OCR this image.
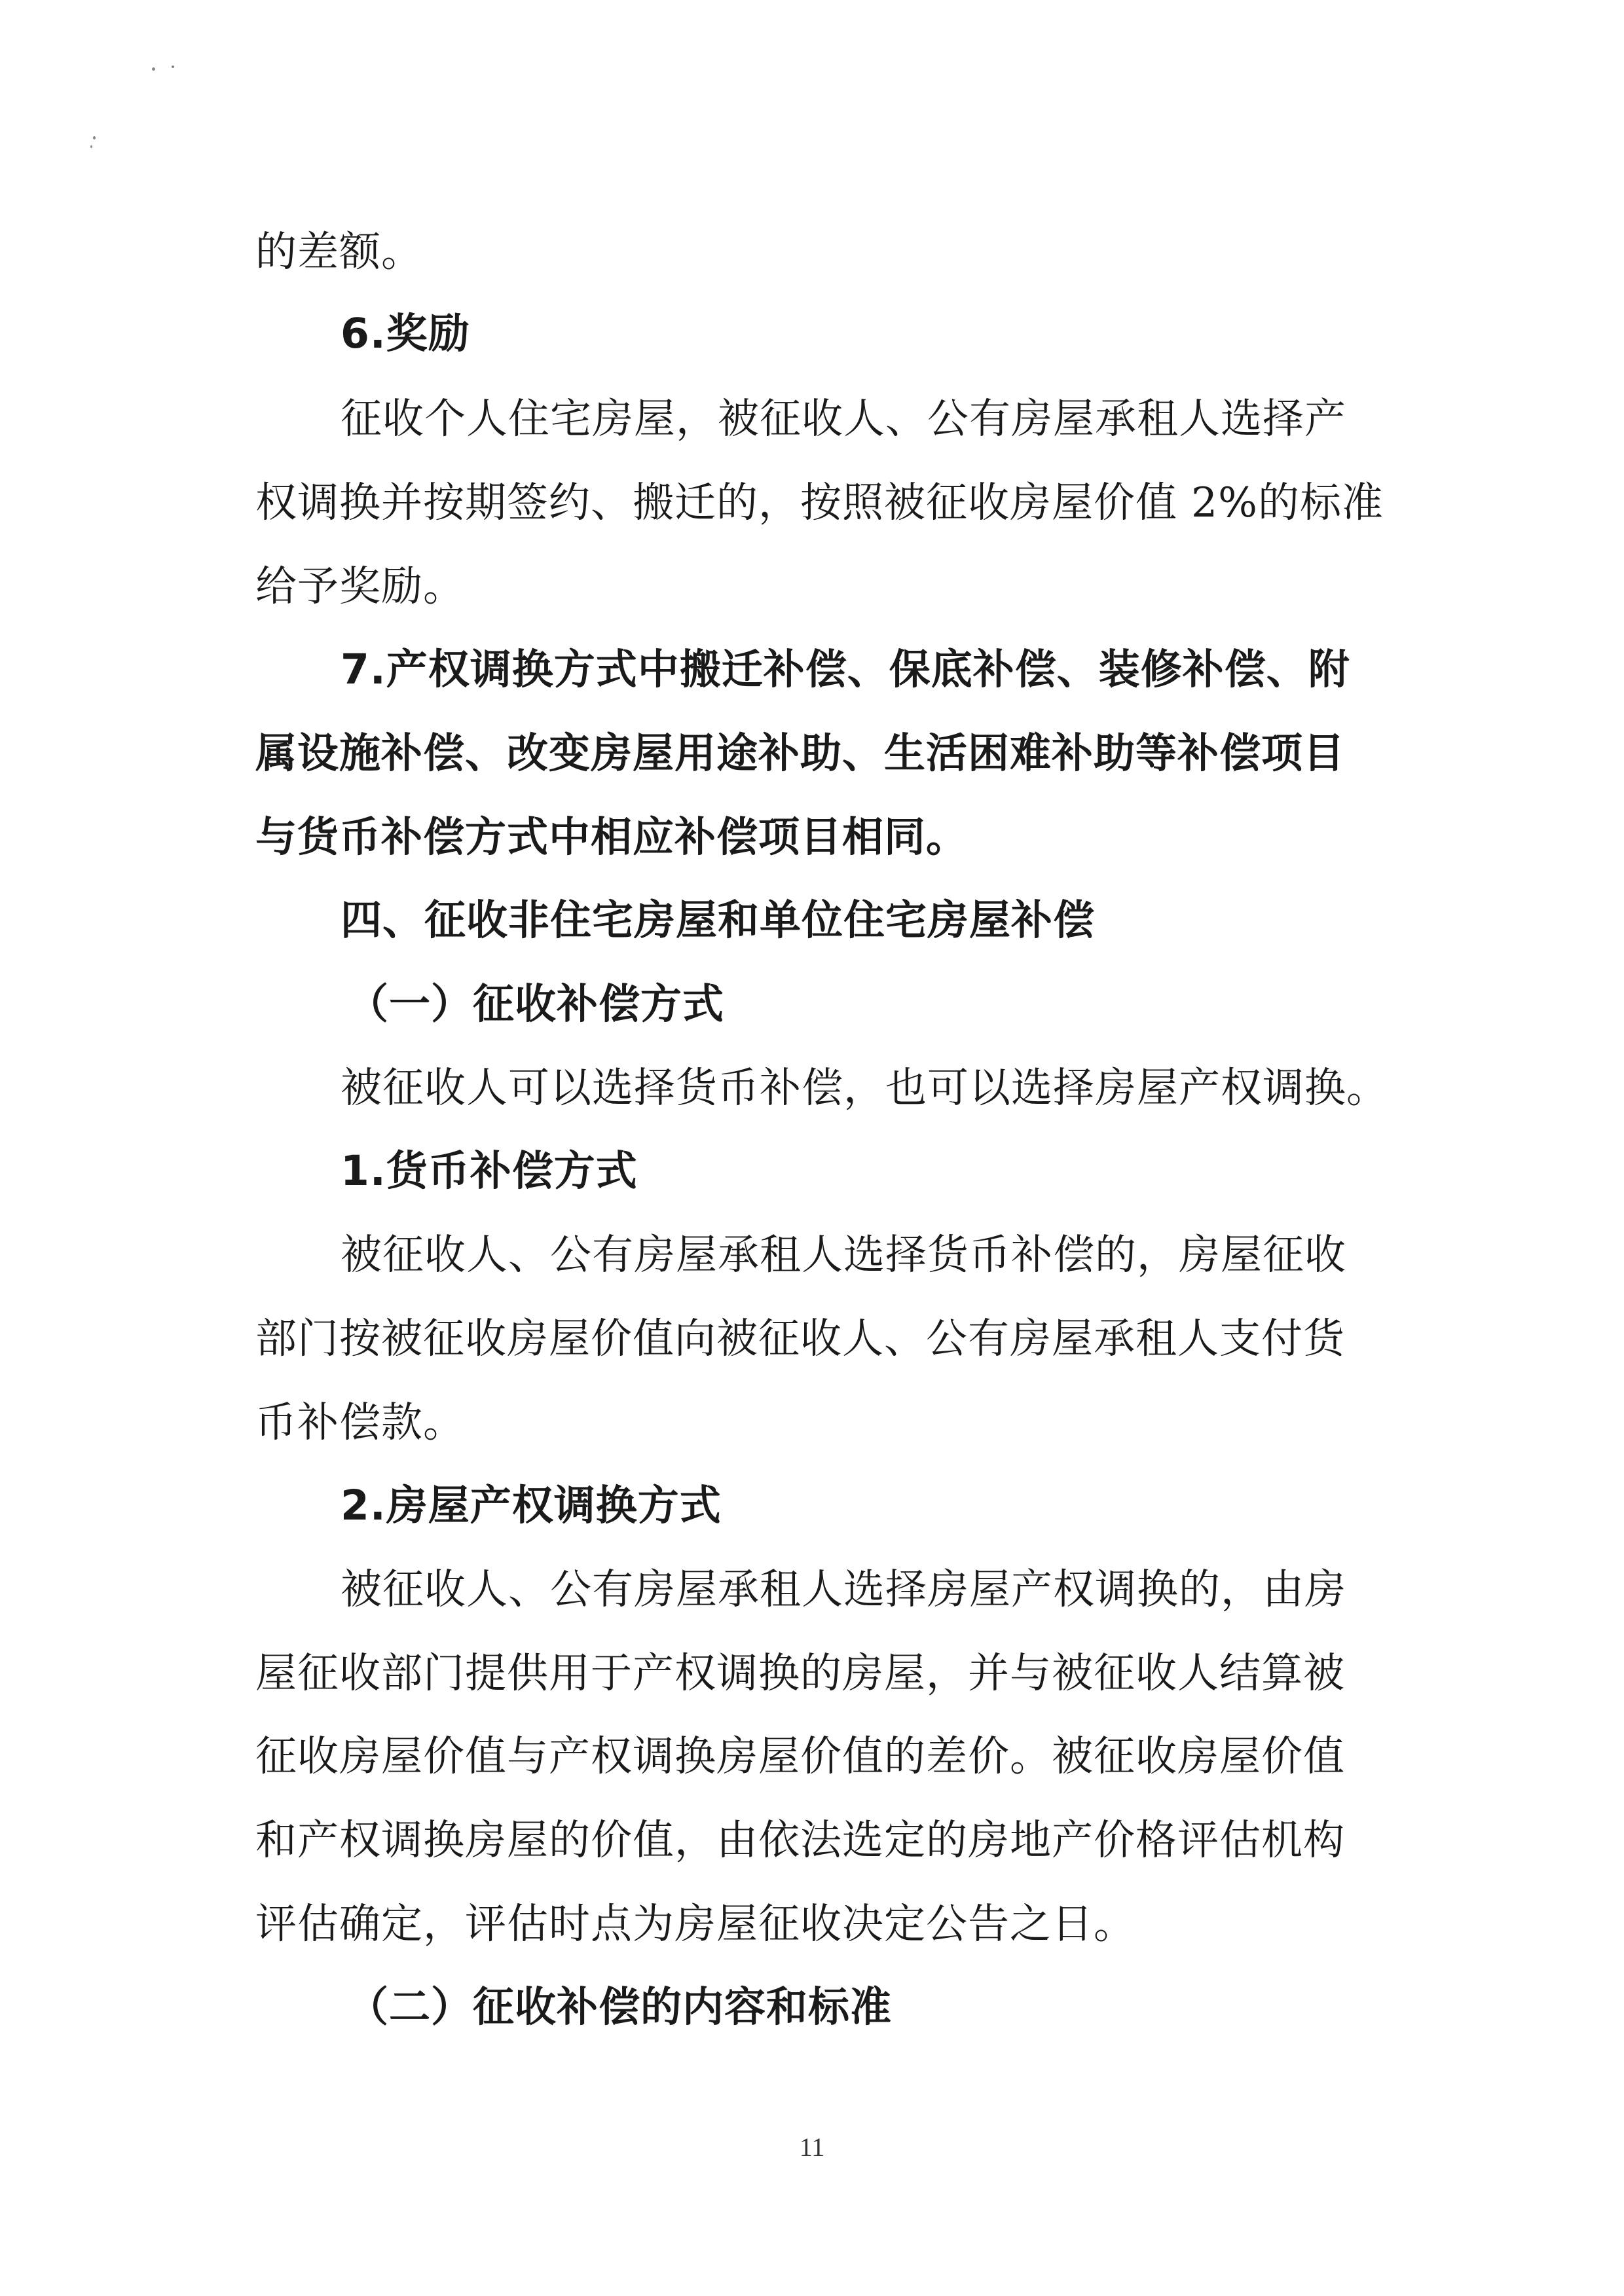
的差额。
6.奖励
征收个人住宅房屋，被征收人、公有房屋承租人选择产
权调换并按期签约、搬迁的，按照被征收房屋价值 2%的标准
给予奖励。
7.产权调换方式中搬迁补偿、保底补偿、装修补偿、附
属设施补偿、改变房屋用途补助、生活困难补助等补偿项目
与货币补偿方式中相应补偿项目相同。
四、征收非住宅房屋和单位住宅房屋补偿
（一）征收补偿方式
被征收人可以选择货币补偿，也可以选择房屋产权调换。
1.货币补偿方式
被征收人、公有房屋承租人选择货币补偿的，房屋征收
部门按被征收房屋价值向被征收人、公有房屋承租人支付货
币补偿款。
2.房屋产权调换方式
被征收人、公有房屋承租人选择房屋产权调换的，由房
屋征收部门提供用于产权调换的房屋，并与被征收人结算被
征收房屋价值与产权调换房屋价值的差价。被征收房屋价值
和产权调换房屋的价值，由依法选定的房地产价格评估机构
评估确定，评估时点为房屋征收决定公告之日。
（二）征收补偿的内容和标准
11
